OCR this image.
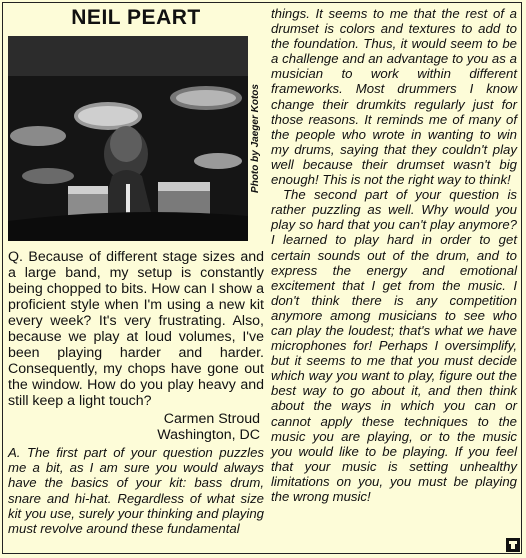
NEIL PEART
Photo by Jaeger Kotos

Q. Because of different stage sizes and a large band, my setup is constantly being chopped to bits. How can I show a proficient style when I'm using a new kit every week? It's very frustrating. Also, because we play at loud volumes, I've been playing harder and harder. Consequently, my chops have gone out the window. How do you play heavy and still keep a light touch?

Carmen Stroud
Washington, DC

A. The first part of your question puzzles me a bit, as I am sure you would always have the basics of your kit: bass drum, snare and hi-hat. Regardless of what size kit you use, surely your thinking and playing must revolve around these fundamental

things. It seems to me that the rest of a drumset is colors and textures to add to the foundation. Thus, it would seem to be a challenge and an advantage to you as a musician to work within different frameworks. Most drummers I know change their drumkits regularly just for those reasons. It reminds me of many of the people who wrote in wanting to win my drums, saying that they couldn't play well because their drumset wasn't big enough! This is not the right way to think!

The second part of your question is rather puzzling as well. Why would you play so hard that you can't play anymore? I learned to play hard in order to get certain sounds out of the drum, and to express the energy and emotional excitement that I get from the music. I don't think there is any competition anymore among musicians to see who can play the loudest; that's what we have microphones for! Perhaps I oversimplify, but it seems to me that you must decide which way you want to play, figure out the best way to go about it, and then think about the ways in which you can or cannot apply these techniques to the music you are playing, or to the music you would like to be playing. If you feel that your music is setting unhealthy limitations on you, you must be playing the wrong music!
